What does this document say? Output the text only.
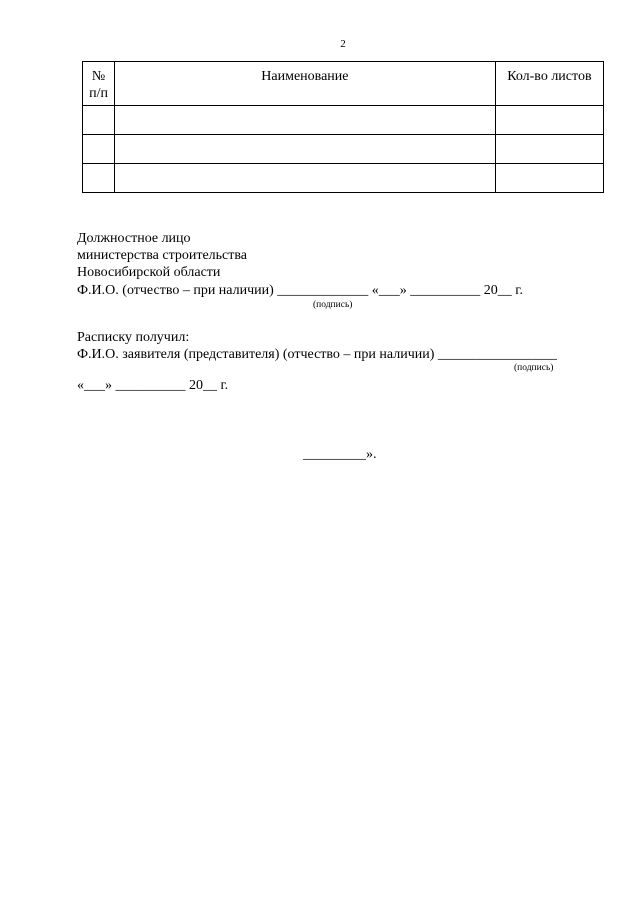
2
№
п/п	Наименование	Кол-во листов

Должностное лицо
министерства строительства
Новосибирской области
Ф.И.О. (отчество – при наличии) _____________ «___» __________ 20__ г.
(подпись)
Расписку получил:
Ф.И.О. заявителя (представителя) (отчество – при наличии) _________________
(подпись)
«___» __________ 20__ г.
_________».
